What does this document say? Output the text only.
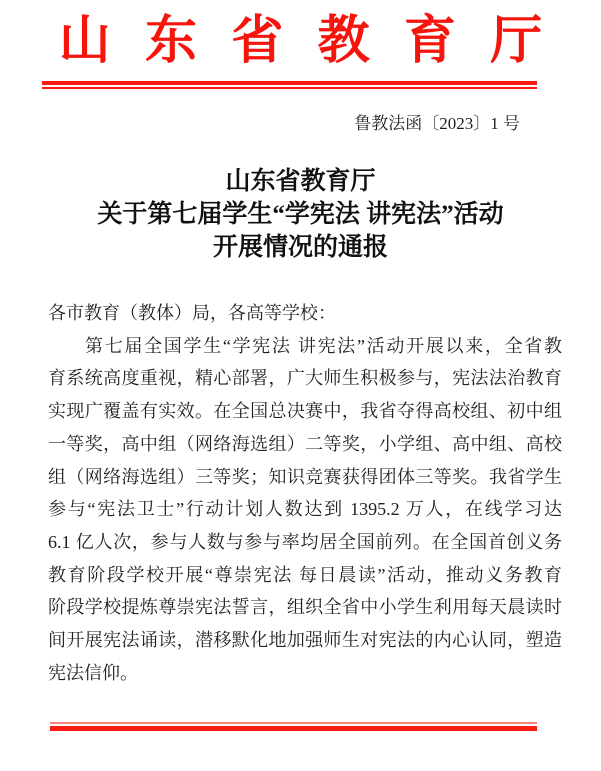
山东省教育厅
鲁教法函〔2023〕1 号
山东省教育厅
关于第七届学生“学宪法 讲宪法”活动
开展情况的通报
各市教育（教体）局，各高等学校：
第七届全国学生“学宪法 讲宪法”活动开展以来，全省教
育系统高度重视，精心部署，广大师生积极参与，宪法法治教育
实现广覆盖有实效。在全国总决赛中，我省夺得高校组、初中组
一等奖，高中组（网络海选组）二等奖，小学组、高中组、高校
组（网络海选组）三等奖；知识竞赛获得团体三等奖。我省学生
参与“宪法卫士”行动计划人数达到 1395.2 万人，在线学习达
6.1 亿人次，参与人数与参与率均居全国前列。在全国首创义务
教育阶段学校开展“尊崇宪法 每日晨读”活动，推动义务教育
阶段学校提炼尊崇宪法誓言，组织全省中小学生利用每天晨读时
间开展宪法诵读，潜移默化地加强师生对宪法的内心认同，塑造
宪法信仰。
